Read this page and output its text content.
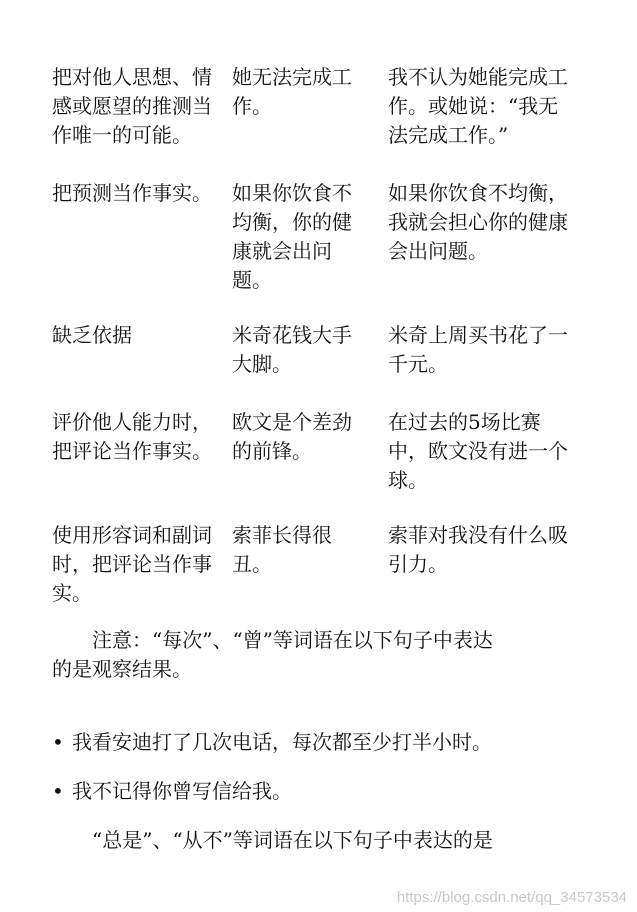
把对他人思想、情
感或愿望的推测当
作唯一的可能。
她无法完成工
作。
我不认为她能完成工
作。或她说：“我无
法完成工作。”
把预测当作事实。	如果你饮食不
均衡，你的健
康就会出问
题。
如果你饮食不均衡，
我就会担心你的健康
会出问题。
缺乏依据	米奇花钱大手
大脚。
米奇上周买书花了一
千元。
评价他人能力时，
把评论当作事实。
欧文是个差劲
的前锋。
在过去的5场比赛
中，欧文没有进一个
球。
使用形容词和副词
时，把评论当作事
实。
索菲长得很
丑。
索菲对我没有什么吸
引力。
　　注意：“每次”、“曾”等词语在以下句子中表达
的是观察结果。
• 我看安迪打了几次电话，每次都至少打半小时。
• 我不记得你曾写信给我。
　　“总是”、“从不”等词语在以下句子中表达的是
https://blog.csdn.net/qq_34573534
